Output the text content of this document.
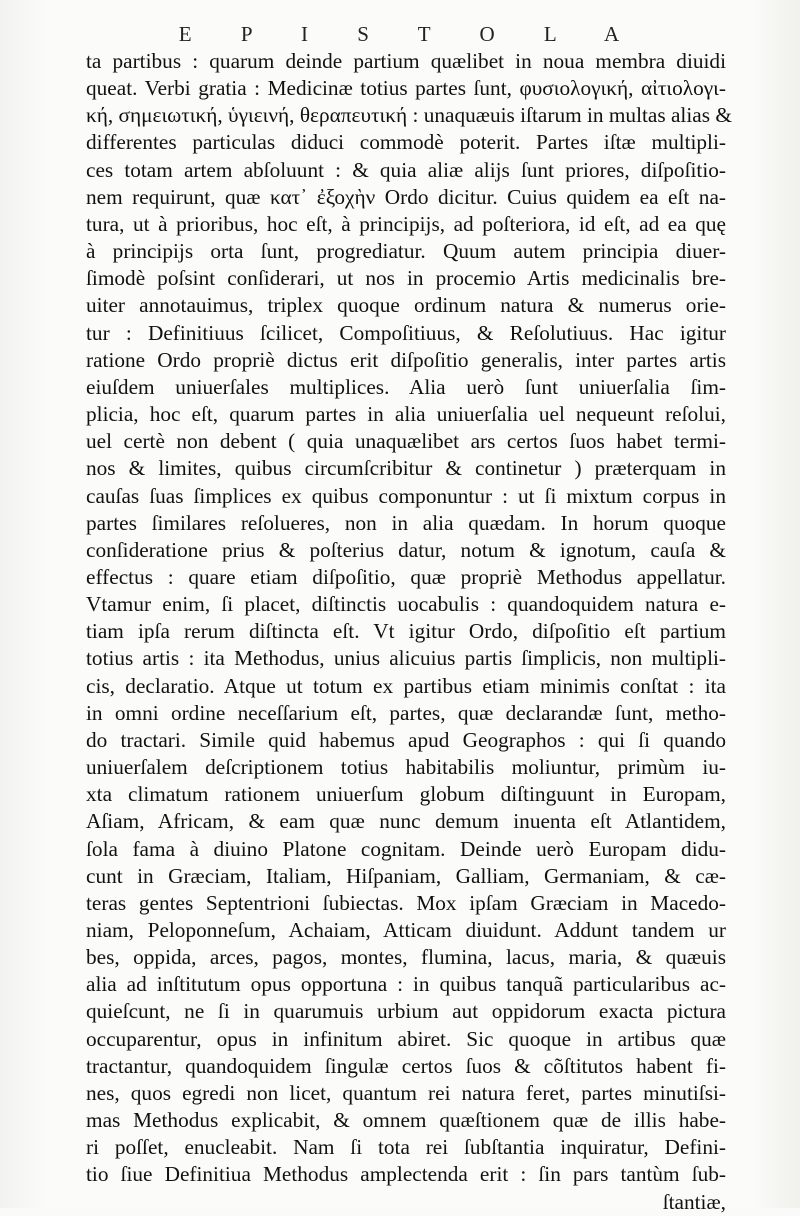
E P I S T O L A
ta partibus : quarum deinde partium quælibet in noua membra diuidi
queat. Verbi gratia : Medicinæ totius partes ſunt, φυσιολογική, αἰτιολογι-
κή, σημειωτική, ὑγιεινή, θεραπευτική : unaquæuis iſtarum in multas alias &
differentes particulas diduci commodè poterit. Partes iſtæ multipli-
ces totam artem abſoluunt : & quia aliæ alijs ſunt priores, diſpoſitio-
nem requirunt, quæ κατ᾽ ἐξοχὴν Ordo dicitur. Cuius quidem ea eſt na-
tura, ut à prioribus, hoc eſt, à principijs, ad poſteriora, id eſt, ad ea quę
à principijs orta ſunt, progrediatur. Quum autem principia diuer-
ſimodè poſsint conſiderari, ut nos in procemio Artis medicinalis bre-
uiter annotauimus, triplex quoque ordinum natura & numerus orie-
tur : Definitiuus ſcilicet, Compoſitiuus, & Reſolutiuus. Hac igitur
ratione Ordo propriè dictus erit diſpoſitio generalis, inter partes artis
eiuſdem uniuerſales multiplices. Alia uerò ſunt uniuerſalia ſim-
plicia, hoc eſt, quarum partes in alia uniuerſalia uel nequeunt reſolui,
uel certè non debent ( quia unaquælibet ars certos ſuos habet termi-
nos & limites, quibus circumſcribitur & continetur ) præterquam in
cauſas ſuas ſimplices ex quibus componuntur : ut ſi mixtum corpus in
partes ſimilares reſolueres, non in alia quædam. In horum quoque
conſideratione prius & poſterius datur, notum & ignotum, cauſa &
effectus : quare etiam diſpoſitio, quæ propriè Methodus appellatur.
Vtamur enim, ſi placet, diſtinctis uocabulis : quandoquidem natura e-
tiam ipſa rerum diſtincta eſt. Vt igitur Ordo, diſpoſitio eſt partium
totius artis : ita Methodus, unius alicuius partis ſimplicis, non multipli-
cis, declaratio. Atque ut totum ex partibus etiam minimis conſtat : ita
in omni ordine neceſſarium eſt, partes, quæ declarandæ ſunt, metho-
do tractari. Simile quid habemus apud Geographos : qui ſi quando
uniuerſalem deſcriptionem totius habitabilis moliuntur, primùm iu-
xta climatum rationem uniuerſum globum diſtinguunt in Europam,
Aſiam, Africam, & eam quæ nunc demum inuenta eſt Atlantidem,
ſola fama à diuino Platone cognitam. Deinde uerò Europam didu-
cunt in Græciam, Italiam, Hiſpaniam, Galliam, Germaniam, & cæ-
teras gentes Septentrioni ſubiectas. Mox ipſam Græciam in Macedo-
niam, Peloponneſum, Achaiam, Atticam diuidunt. Addunt tandem ur
bes, oppida, arces, pagos, montes, flumina, lacus, maria, & quæuis
alia ad inſtitutum opus opportuna : in quibus tanquã particularibus ac-
quieſcunt, ne ſi in quarumuis urbium aut oppidorum exacta pictura
occuparentur, opus in infinitum abiret. Sic quoque in artibus quæ
tractantur, quandoquidem ſingulæ certos ſuos & cõſtitutos habent fi-
nes, quos egredi non licet, quantum rei natura feret, partes minutiſsi-
mas Methodus explicabit, & omnem quæſtionem quæ de illis habe-
ri poſſet, enucleabit. Nam ſi tota rei ſubſtantia inquiratur, Defini-
tio ſiue Definitiua Methodus amplectenda erit : ſin pars tantùm ſub-
ſtantiæ,
